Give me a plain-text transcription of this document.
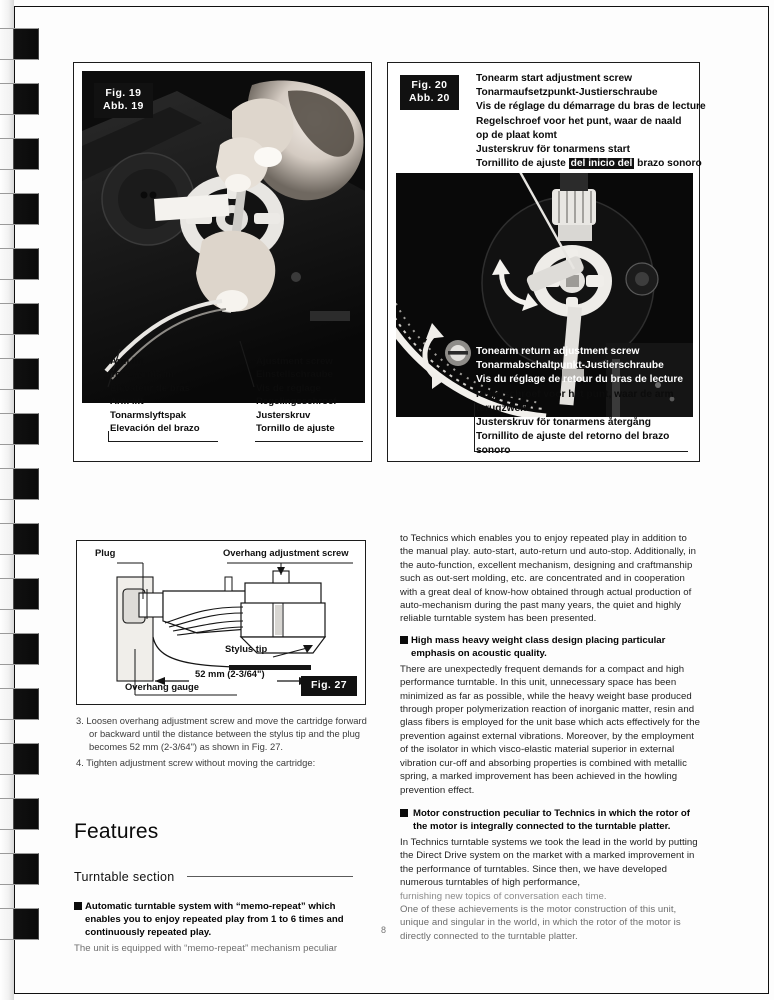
Fig. 19
Abb. 19
Arm lift
Tonarmliftarm
Elevateur de bras
Arm lift
Tonarmslyftspak
Elevación del brazo
Ajustment screw
Einstellschraube
Vis de réglage
Regelingsschroef
Justerskruv
Tornillo de ajuste
Fig. 20
Abb. 20
Tonearm start adjustment screw
Tonarmaufsetzpunkt-Justierschraube
Vis de réglage du démarrage du bras de lecture
Regelschroef voor het punt, waar de naald
op de plaat komt
Justerskruv för tonarmens start
Tornillito de ajuste del inicio del brazo sonoro
Tonearm return adjustment screw
Tonarmabschaltpunkt-Justierschraube
Vis du réglage de retour du bras de lecture
Regelschroef voor het punt, waar de arm
terugzwenkt
Justerskruv för tonarmens återgång
Tornillito de ajuste del retorno del brazo
Plug	Overhang adjustment screw
Stylus tip
52 mm (2-3/64")
Overhang gauge	Fig. 27

3. Loosen overhang adjustment screw and move the cartridge forward or backward until the distance between the stylus tip and the plug becomes 52 mm (2-3/64") as shown in Fig. 27.

4. Tighten adjustment screw without moving the cartridge:

Features
Turntable section

Automatic turntable system with “memo-repeat” which enables you to enjoy repeated play from 1 to 6 times and continuously repeated play.

The unit is equipped with “memo-repeat” mechanism peculiar

to Technics which enables you to enjoy repeated play in addition to the manual play. auto-start, auto-return und auto-stop. Additionally, in the auto-function, excellent mechanism, designing and craftmanship such as out-sert molding, etc. are concentrated and in cooperation with a great deal of know-how obtained through actual production of auto-mechanism during the past many years, the quiet and highly reliable turntable system has been presented.

High mass heavy weight class design placing particular emphasis on acoustic quality.

There are unexpectedly frequent demands for a compact and high performance turntable. In this unit, unnecessary space has been minimized as far as possible, while the heavy weight base produced through proper polymerization reaction of inorganic matter, resin and glass fibers is employed for the unit base which acts effectively for the prevention against external vibrations. Moreover, by the employment of the isolator in which visco-elastic material superior in external vibration cur-off and absorbing properties is combined with metallic spring, a marked improvement has been achieved in the howling prevention effect.

Motor construction peculiar to Technics in which the rotor of the motor is integrally connected to the turntable platter.

In Technics turntable systems we took the lead in the world by putting the Direct Drive system on the market with a marked improvement in the performance of turntables. Since then, we have developed numerous turntables of high performance,

furnishing new topics of conversation each time.

One of these achievements is the motor construction of this unit, unique and singular in the world, in which the rotor of the motor is directly connected to the turntable platter.

8
